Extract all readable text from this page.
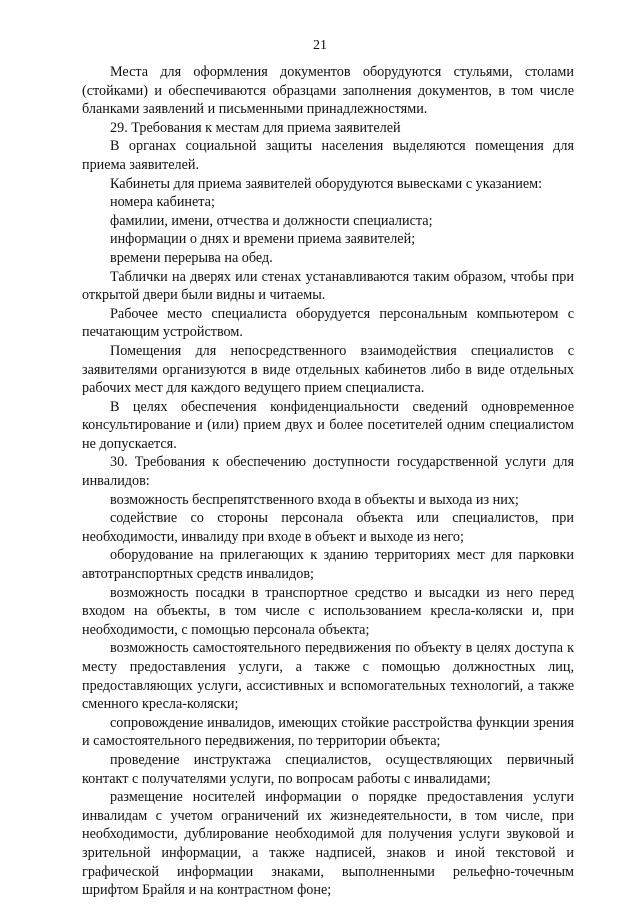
21

Места для оформления документов оборудуются стульями, столами (стойками) и обеспечиваются образцами заполнения документов, в том числе бланками заявлений и письменными принадлежностями.

29. Требования к местам для приема заявителей

В органах социальной защиты населения выделяются помещения для приема заявителей.

Кабинеты для приема заявителей оборудуются вывесками с указанием:

номера кабинета;

фамилии, имени, отчества и должности специалиста;

информации о днях и времени приема заявителей;

времени перерыва на обед.

Таблички на дверях или стенах устанавливаются таким образом, чтобы при открытой двери были видны и читаемы.

Рабочее место специалиста оборудуется персональным компьютером с печатающим устройством.

Помещения для непосредственного взаимодействия специалистов с заявителями организуются в виде отдельных кабинетов либо в виде отдельных рабочих мест для каждого ведущего прием специалиста.

В целях обеспечения конфиденциальности сведений одновременное консультирование и (или) прием двух и более посетителей одним специалистом не допускается.

30. Требования к обеспечению доступности государственной услуги для инвалидов:

возможность беспрепятственного входа в объекты и выхода из них;

содействие со стороны персонала объекта или специалистов, при необходимости, инвалиду при входе в объект и выходе из него;

оборудование на прилегающих к зданию территориях мест для парковки автотранспортных средств инвалидов;

возможность посадки в транспортное средство и высадки из него перед входом на объекты, в том числе с использованием кресла-коляски и, при необходимости, с помощью персонала объекта;

возможность самостоятельного передвижения по объекту в целях доступа к месту предоставления услуги, а также с помощью должностных лиц, предоставляющих услуги, ассистивных и вспомогательных технологий, а также сменного кресла-коляски;

сопровождение инвалидов, имеющих стойкие расстройства функции зрения и самостоятельного передвижения, по территории объекта;

проведение инструктажа специалистов, осуществляющих первичный контакт с получателями услуги, по вопросам работы с инвалидами;

размещение носителей информации о порядке предоставления услуги инвалидам с учетом ограничений их жизнедеятельности, в том числе, при необходимости, дублирование необходимой для получения услуги звуковой и зрительной информации, а также надписей, знаков и иной текстовой и графической информации знаками, выполненными рельефно-точечным шрифтом Брайля и на контрастном фоне;
